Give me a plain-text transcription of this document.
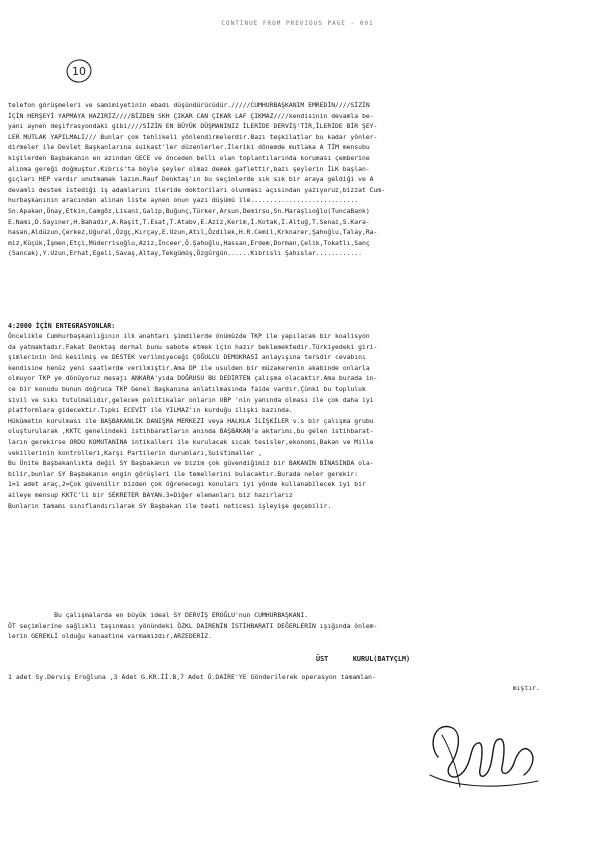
CONTINUE FROM PREVIOUS PAGE - 001
10
telefon görüşmeleri ve samimiyetinin ebadı düşündürücüdür./////CUMHURBAŞKANIM EMREDİN////SİZİN
İÇİN HERŞEYİ YAPMAYA HAZIRIZ////BİZDEN SKH ÇIKAR CAN ÇIKAR LAF ÇIKMAZ////kendisinin devamla be-
yanı aynen deşifrasyondaki gibi////SİZİN EN BÜYÜK DÜŞMANINIZ İLERİDE DERVİŞ'TİR,İLERİDE BİR ŞEY-
LER MUTLAK YAPILMALI/// Bunlar çok tehlikeli yönlendirmelerdir.Bazı teşkilatlar bu kadar yönler-
dirmeler ile Devlet Başkanlarına suikast'ler düzenlerler.İleriki dönemde mutlaka A TİM mensubu
kişilerden Başbakanın en azından GECE ve önceden belli olan toplantılarında koruması çemberine
alınma gereği doğmuştur.Kıbrıs'ta böyle şeyler olmaz demek gaflettir,bazı şeylerin İLK başlan-
gıçları HEP vardır unutmamak lazım.Rauf Denktaş'ın bu seçimlerde sık sık bir araya geldiği ve A
devamlı destek istediği iş adamlarını ileride doktoriları olunması açısından yazıyoruz,bizzat Cum-
hurbaşkanının aracından alınan liste aynen onun yazı düşümü ile............................
Sn.Apakan,Önay,Etkin,Camgöz,Lisani,Galip,Buğunç,Türker,Arsun,Demirsu,Sn.Maraşlıoğlu(TuncaBank)
E.Namı,D.Sayıner,H.Bahadır,A.Raşit,T.Esat,T.Atabv,E.Aziz,Kerim,İ.Kotak,İ.Altuğ,T.Senai,S.Kara-
hasan,Aldüzun,Çerkez,Uğural,Özgç,Kırçay,E.Uzun,Atıl,Özdilek,H.R.Cemil,Krknarer,Şahoğlu,Talay,Ra-
miz,Küçük,İşmen,Etçi,Müderrisoğlu,Aziz,İnceer,Ö.Şahoğlu,Hassan,Erdem,Dorman,Çelik,Tokatlı,Sanç
(Sancak),Y.Uzun,Erhat,Egeli,Savaş,Altay,Tekgümüş,Özgürgün......Kıbrıslı Şahıslar............
4:2000 İÇİN ENTEGRASYONLAR:
Öncelikle Cumhurbaşkanlığının ilk anahtarı şimdilerde önümüzde TKP ile yapılacak bir koalisyon
da yatmaktadır.Fakat Denktaş derhal bunu sabote etmek için hazır beklemektedir.Türkiyedeki giri-
şimlerinin önü kesilmiş ve DESTEK verilmiyeceği ÇOĞULCU DEMOKRASİ anlayışına tersdir cevabını
kendisine henüz yeni saatlerde verilmiştir.Ama DP ile usulden bir müzakerenin akabinde onlarla
olmuyor TKP ye dönüyoruz mesajı ANKARA'yıda DOĞRUSU BU DEDİRTEN çalışma olacaktır.Ama burada in-
ce bir konudu bunun doğruca TKP Genel Başkanına anlatılmasında faide vardır.Çünki bu topluluk
sivil ve sıkı tutulmalıdır,gelecek politikalar onların UBP 'nin yanında olması ile çok daha iyi
platformlara gidecektir.Tıpkı ECEVİT ile YILMAZ'ın kurduğu ilişki bazında.
Hükümetin kurulması ile BAŞBAKANLIK DANIŞMA MERKEZİ veya HALKLA İLİŞKİLER v.s bir çalışma grubu
oluşturularak ,KKTC genelindeki istihbaratların anında BAŞBAKAN'a aktarımı,bu gelen istihbarat-
ların gerekirse ORDU KOMUTANINA intikalleri ile kurulacak sıcak tesisler,ekonomi,Bakan ve Mille
vekillerinin kontrolleri,Karşı Partilerin durumları,Suistimaller ,
Bu Ünite Başbakanlıkta değil SY Başbakanın ve bizim çok güvendiğimiz bir BAKANIN BİNASINDA ola-
bilir,bunlar SY Başbakanın engin görüşleri ile temellerini bulacaktır.Burada neler gerekir:
1=1 adet araç,2=Çok güvenilir bizden çok öğrenecegi konuları iyi yönde kullanabilecek iyi bir
aileye mensup KKTC'li bir SEKRETER BAYAN.3=Diğer elemanları biz hazırlarız
Bunların tamamı sınıflandırılarak SY Başbakan ile teati neticesi işleyişe geçebilir.
Bu çalışmalarda en büyük ideal SY DERVİŞ EROĞLU'nun CUMHURBAŞKANI.
ÖT seçimlerine sağlıklı taşınması yönündeki ÖZKL DAİRENİN İSTİHBARATI DEĞERLERİN ışığında önlem-
lerin GEREKLİ olduğu kanaatine varmamızdır.ARZEDERİZ.
ÜST      KURUL(BATYÇLM)
1 adet Sy.Derviş Eroğluna ,3 Adet G.KR.İİ.B,7 Adet Ö.DAİRE'YE Gönderilerek operasyon tamamlan-
mıştır.
